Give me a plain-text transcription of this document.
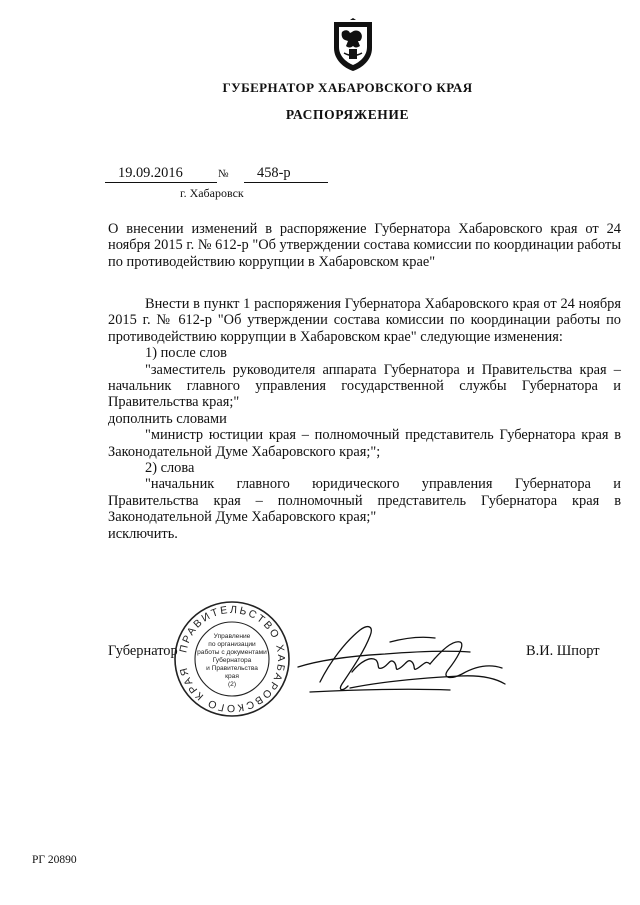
ГУБЕРНАТОР ХАБАРОВСКОГО КРАЯ
РАСПОРЯЖЕНИЕ
19.09.2016	№ 458-р
г. Хабаровск
О внесении изменений в распоряжение Губернатора Хабаровского края от 24 ноября 2015 г. № 612-р "Об утверждении состава комиссии по координации работы по противодействию коррупции в Хабаровском крае"

Внести в пункт 1 распоряжения Губернатора Хабаровского края от 24 ноября 2015 г. № 612-р "Об утверждении состава комиссии по координации работы по противодействию коррупции в Хабаровском крае" следующие изменения:

1) после слов

"заместитель руководителя аппарата Губернатора и Правительства края – начальник главного управления государственной службы Губернатора и Правительства края;"

дополнить словами

"министр юстиции края – полномочный представитель Губернатора края в Законодательной Думе Хабаровского края;";

2) слова

"начальник главного юридического управления Губернатора и Правительства края – полномочный представитель Губернатора края в Законодательной Думе Хабаровского края;"

исключить.

Губернатор	В.И. Шпорт
ПРАВИТЕЛЬСТВО ХАБАРОВСКОГО КРАЯ
Управление
по организации
работы с документами
Губернатора
и Правительства
края
(2)
РГ 20890
